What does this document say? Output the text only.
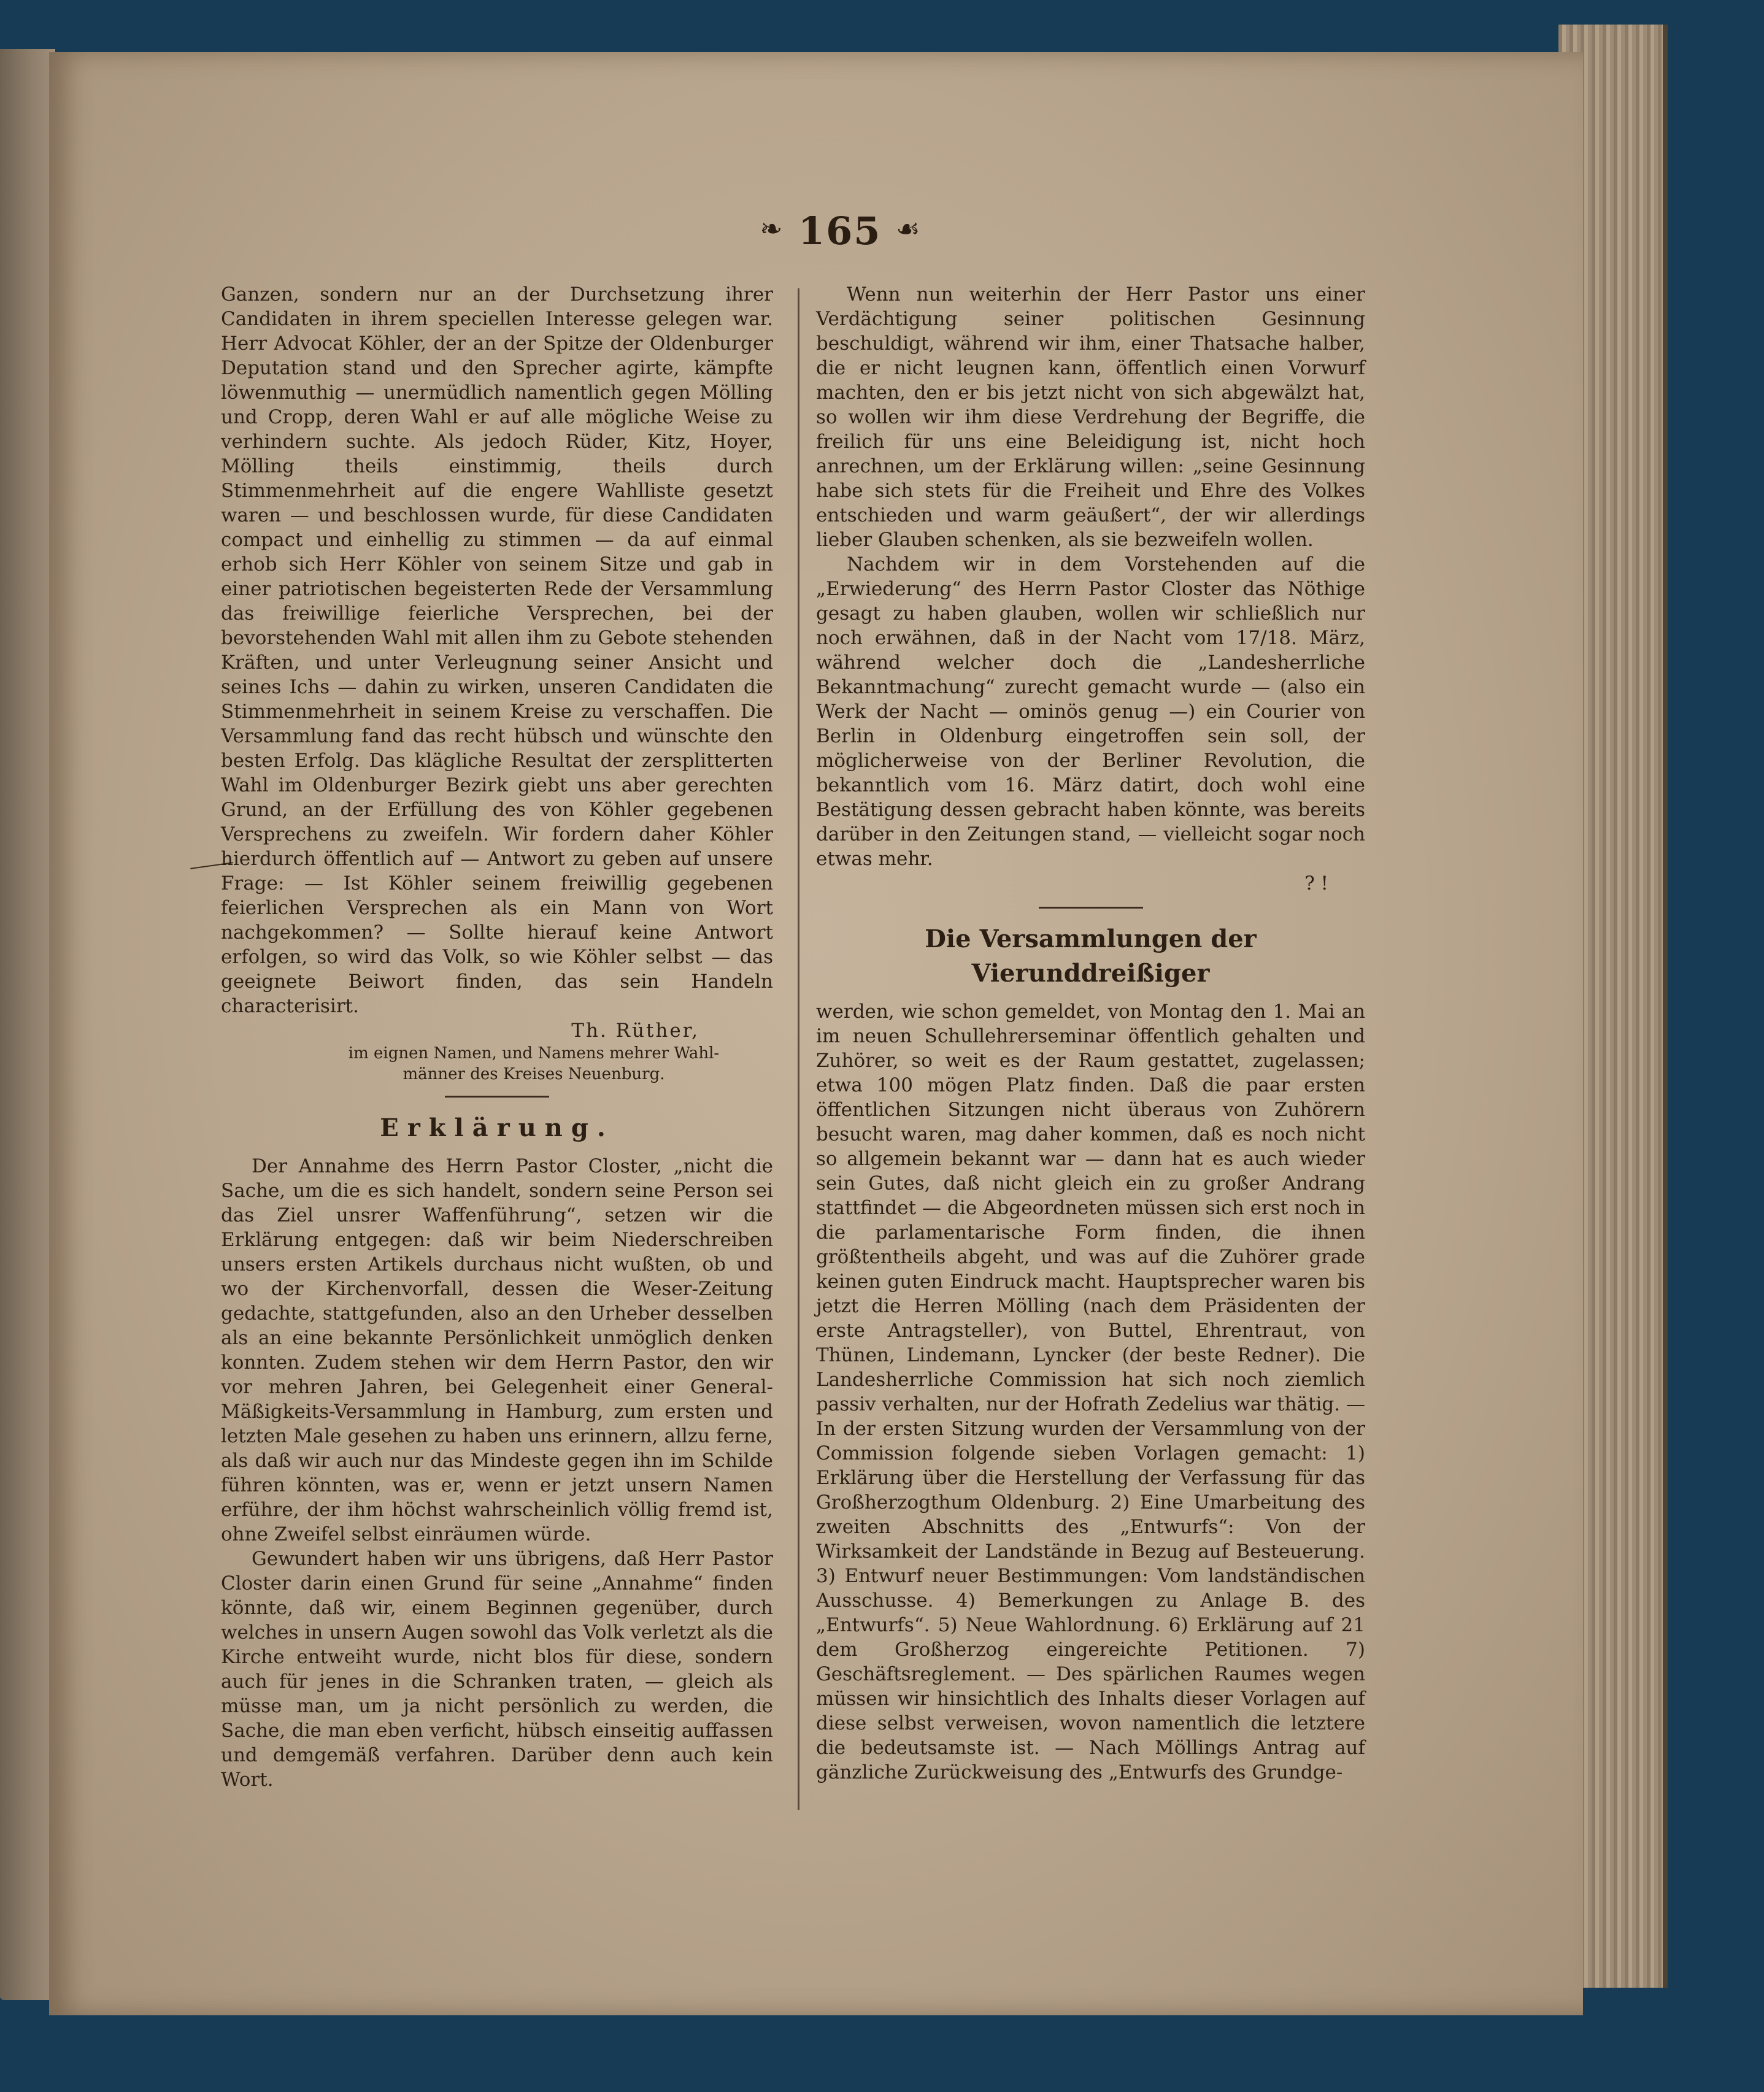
❧ 165 ☙

Ganzen, sondern nur an der Durchsetzung ihrer Candidaten in ihrem speciellen Interesse gelegen war. Herr Advocat Köhler, der an der Spitze der Oldenburger Deputation stand und den Sprecher agirte, kämpfte löwenmuthig — unermüdlich namentlich gegen Mölling und Cropp, deren Wahl er auf alle mögliche Weise zu verhindern suchte. Als jedoch Rüder, Kitz, Hoyer, Mölling theils einstimmig, theils durch Stimmenmehrheit auf die engere Wahlliste gesetzt waren — und beschlossen wurde, für diese Candidaten compact und einhellig zu stimmen — da auf einmal erhob sich Herr Köhler von seinem Sitze und gab in einer patriotischen begeisterten Rede der Versammlung das freiwillige feierliche Versprechen, bei der bevorstehenden Wahl mit allen ihm zu Gebote stehenden Kräften, und unter Verleugnung seiner Ansicht und seines Ichs — dahin zu wirken, unseren Candidaten die Stimmenmehrheit in seinem Kreise zu verschaffen. Die Versammlung fand das recht hübsch und wünschte den besten Erfolg. Das klägliche Resultat der zersplitterten Wahl im Oldenburger Bezirk giebt uns aber gerechten Grund, an der Erfüllung des von Köhler gegebenen Versprechens zu zweifeln. Wir fordern daher Köhler hierdurch öffentlich auf — Antwort zu geben auf unsere Frage: — Ist Köhler seinem freiwillig gegebenen feierlichen Versprechen als ein Mann von Wort nachgekommen? — Sollte hierauf keine Antwort erfolgen, so wird das Volk, so wie Köhler selbst — das geeignete Beiwort finden, das sein Handeln characterisirt.

Th. Rüther,
im eignen Namen, und Namens mehrer Wahl-
männer des Kreises Neuenburg.
Erklärung.

Der Annahme des Herrn Pastor Closter, „nicht die Sache, um die es sich handelt, sondern seine Person sei das Ziel unsrer Waffenführung“, setzen wir die Erklärung entgegen: daß wir beim Niederschreiben unsers ersten Artikels durchaus nicht wußten, ob und wo der Kirchenvorfall, dessen die Weser-Zeitung gedachte, stattgefunden, also an den Urheber desselben als an eine bekannte Persönlichkeit unmöglich denken konnten. Zudem stehen wir dem Herrn Pastor, den wir vor mehren Jahren, bei Gelegenheit einer General-Mäßigkeits-Versammlung in Hamburg, zum ersten und letzten Male gesehen zu haben uns erinnern, allzu ferne, als daß wir auch nur das Mindeste gegen ihn im Schilde führen könnten, was er, wenn er jetzt unsern Namen erführe, der ihm höchst wahrscheinlich völlig fremd ist, ohne Zweifel selbst einräumen würde.

Gewundert haben wir uns übrigens, daß Herr Pastor Closter darin einen Grund für seine „Annahme“ finden könnte, daß wir, einem Beginnen gegenüber, durch welches in unsern Augen sowohl das Volk verletzt als die Kirche entweiht wurde, nicht blos für diese, sondern auch für jenes in die Schranken traten, — gleich als müsse man, um ja nicht persönlich zu werden, die Sache, die man eben verficht, hübsch einseitig auffassen und demgemäß verfahren. Darüber denn auch kein Wort.

Wenn nun weiterhin der Herr Pastor uns einer Verdächtigung seiner politischen Gesinnung beschuldigt, während wir ihm, einer Thatsache halber, die er nicht leugnen kann, öffentlich einen Vorwurf machten, den er bis jetzt nicht von sich abgewälzt hat, so wollen wir ihm diese Verdrehung der Begriffe, die freilich für uns eine Beleidigung ist, nicht hoch anrechnen, um der Erklärung willen: „seine Gesinnung habe sich stets für die Freiheit und Ehre des Volkes entschieden und warm geäußert“, der wir allerdings lieber Glauben schenken, als sie bezweifeln wollen.

Nachdem wir in dem Vorstehenden auf die „Erwiederung“ des Herrn Pastor Closter das Nöthige gesagt zu haben glauben, wollen wir schließlich nur noch erwähnen, daß in der Nacht vom 17/18. März, während welcher doch die „Landesherrliche Bekanntmachung“ zurecht gemacht wurde — (also ein Werk der Nacht — ominös genug —) ein Courier von Berlin in Oldenburg eingetroffen sein soll, der möglicherweise von der Berliner Revolution, die bekanntlich vom 16. März datirt, doch wohl eine Bestätigung dessen gebracht haben könnte, was bereits darüber in den Zeitungen stand, — vielleicht sogar noch etwas mehr.

? !
Die Versammlungen der Vierunddreißiger

werden, wie schon gemeldet, von Montag den 1. Mai an im neuen Schullehrerseminar öffentlich gehalten und Zuhörer, so weit es der Raum gestattet, zugelassen; etwa 100 mögen Platz finden. Daß die paar ersten öffentlichen Sitzungen nicht überaus von Zuhörern besucht waren, mag daher kommen, daß es noch nicht so allgemein bekannt war — dann hat es auch wieder sein Gutes, daß nicht gleich ein zu großer Andrang stattfindet — die Abgeordneten müssen sich erst noch in die parlamentarische Form finden, die ihnen größtentheils abgeht, und was auf die Zuhörer grade keinen guten Eindruck macht. Hauptsprecher waren bis jetzt die Herren Mölling (nach dem Präsidenten der erste Antragsteller), von Buttel, Ehrentraut, von Thünen, Lindemann, Lyncker (der beste Redner). Die Landesherrliche Commission hat sich noch ziemlich passiv verhalten, nur der Hofrath Zedelius war thätig. — In der ersten Sitzung wurden der Versammlung von der Commission folgende sieben Vorlagen gemacht: 1) Erklärung über die Herstellung der Verfassung für das Großherzogthum Oldenburg. 2) Eine Umarbeitung des zweiten Abschnitts des „Entwurfs“: Von der Wirksamkeit der Landstände in Bezug auf Besteuerung. 3) Entwurf neuer Bestimmungen: Vom landständischen Ausschusse. 4) Bemerkungen zu Anlage B. des „Entwurfs“. 5) Neue Wahlordnung. 6) Erklärung auf 21 dem Großherzog eingereichte Petitionen. 7) Geschäftsreglement. — Des spärlichen Raumes wegen müssen wir hinsichtlich des Inhalts dieser Vorlagen auf diese selbst verweisen, wovon namentlich die letztere die bedeutsamste ist. — Nach Möllings Antrag auf gänzliche Zurückweisung des „Entwurfs des Grundge-
